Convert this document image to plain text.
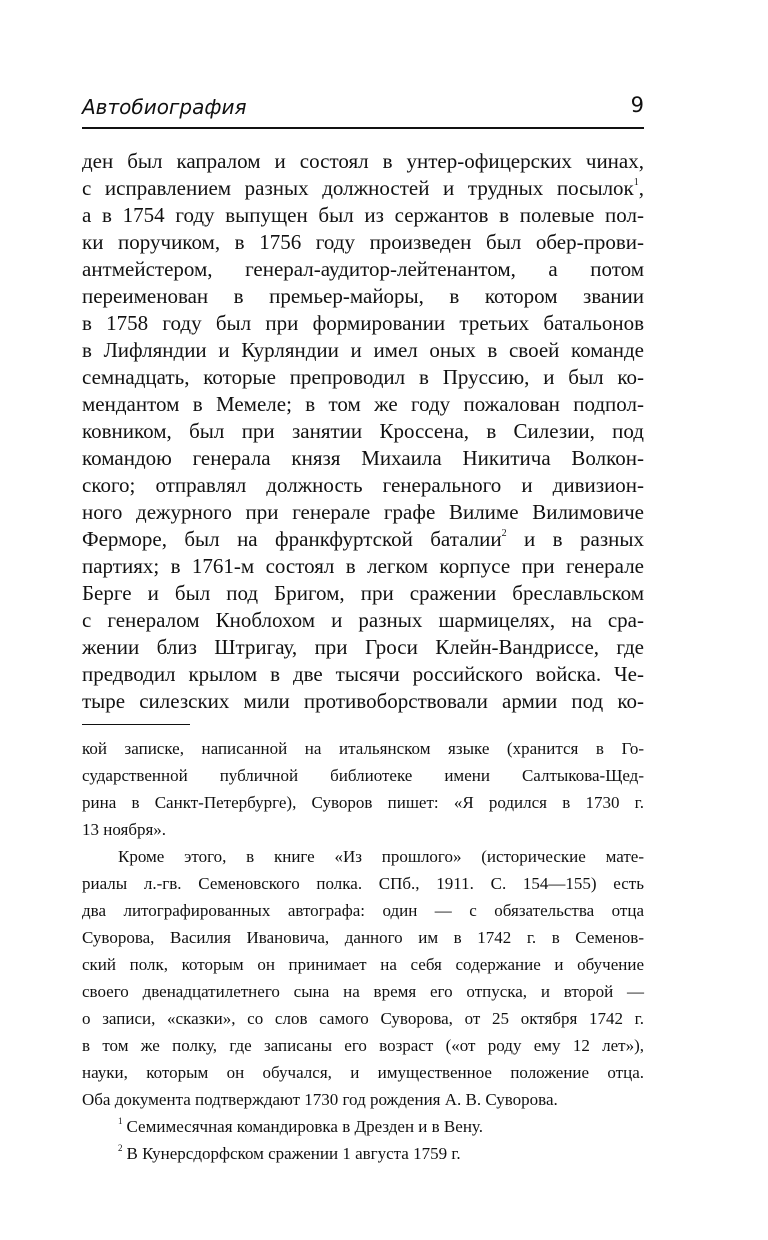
Автобиография	9
ден был капралом и состоял в унтер-офицерских чинах,
с исправлением разных должностей и трудных посылок$^1$,
а в 1754 году выпущен был из сержантов в полевые пол-
ки поручиком, в 1756 году произведен был обер-прови-
антмейстером, генерал-аудитор-лейтенантом, а потом
переименован в премьер-майоры, в котором звании
в 1758 году был при формировании третьих батальонов
в Лифляндии и Курляндии и имел оных в своей команде
семнадцать, которые препроводил в Пруссию, и был ко-
мендантом в Мемеле; в том же году пожалован подпол-
ковником, был при занятии Кроссена, в Силезии, под
командою генерала князя Михаила Никитича Волкон-
ского; отправлял должность генерального и дивизион-
ного дежурного при генерале графе Вилиме Вилимовиче
Ферморе, был на франкфуртской баталии$^2$ и в разных
партиях; в 1761-м состоял в легком корпусе при генерале
Берге и был под Бригом, при сражении бреславльском
с генералом Кноблохом и разных шармицелях, на сра-
жении близ Штригау, при Гроси Клейн-Вандриссе, где
предводил крылом в две тысячи российского войска. Че-
тыре силезских мили противоборствовали армии под ко-
кой записке, написанной на итальянском языке (хранится в Го-
сударственной публичной библиотеке имени Салтыкова-Щед-
рина в Санкт-Петербурге), Суворов пишет: «Я родился в 1730 г.
13 ноября».
Кроме этого, в книге «Из прошлого» (исторические мате-
риалы л.-гв. Семеновского полка. СПб., 1911. С. 154—155) есть
два литографированных автографа: один — с обязательства отца
Суворова, Василия Ивановича, данного им в 1742 г. в Семенов-
ский полк, которым он принимает на себя содержание и обучение
своего двенадцатилетнего сына на время его отпуска, и второй —
о записи, «сказки», со слов самого Суворова, от 25 октября 1742 г.
в том же полку, где записаны его возраст («от роду ему 12 лет»),
науки, которым он обучался, и имущественное положение отца.
Оба документа подтверждают 1730 год рождения А. В. Суворова.
$^1$ Семимесячная командировка в Дрезден и в Вену.
$^2$ В Кунерсдорфском сражении 1 августа 1759 г.
